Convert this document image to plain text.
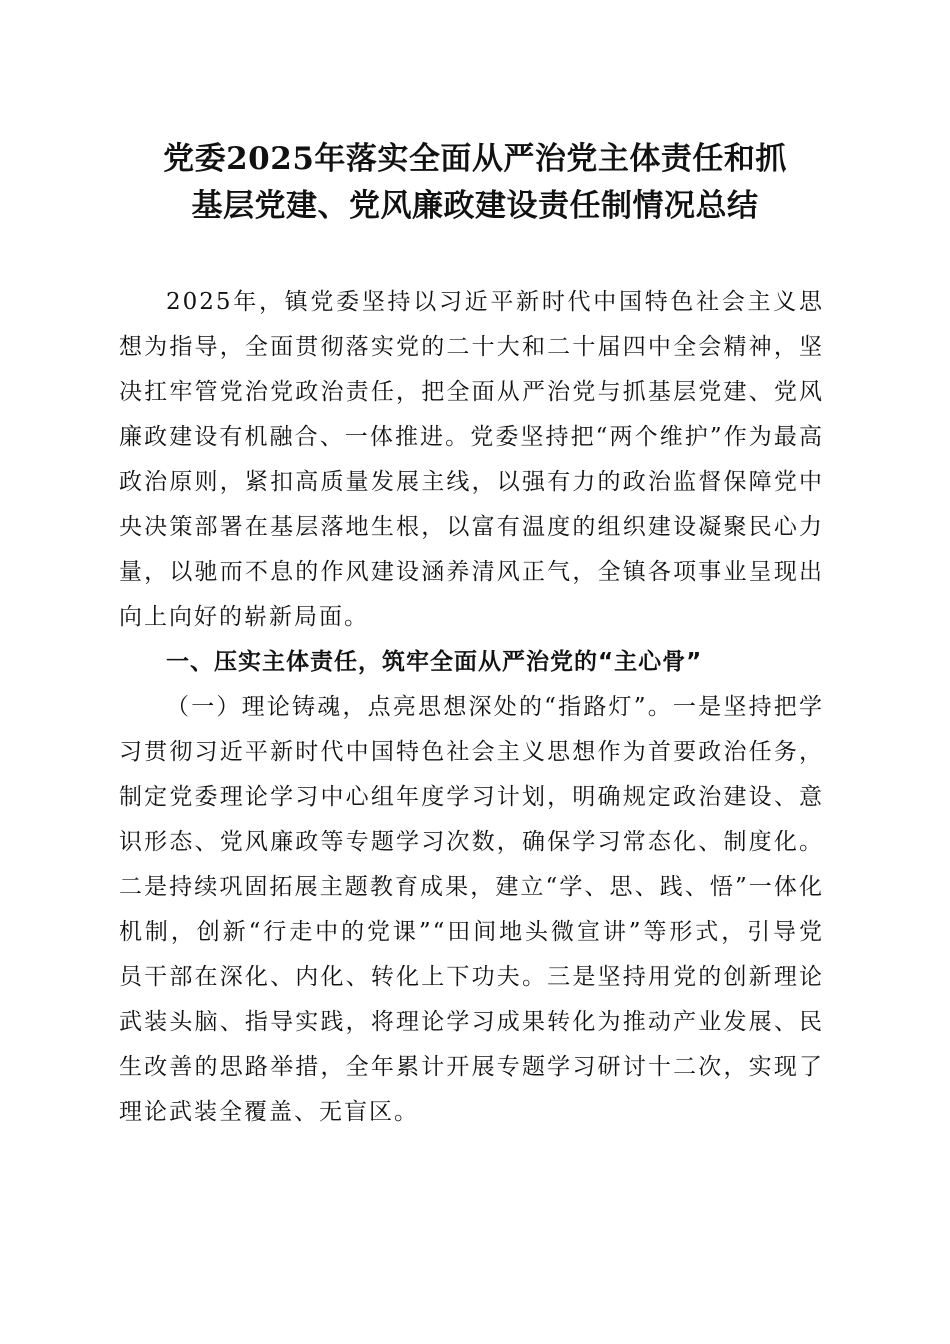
党委2025年落实全面从严治党主体责任和抓
基层党建、党风廉政建设责任制情况总结

2025年，镇党委坚持以习近平新时代中国特色社会主义思想为指导，全面贯彻落实党的二十大和二十届四中全会精神，坚决扛牢管党治党政治责任，把全面从严治党与抓基层党建、党风廉政建设有机融合、一体推进。党委坚持把“两个维护”作为最高政治原则，紧扣高质量发展主线，以强有力的政治监督保障党中央决策部署在基层落地生根，以富有温度的组织建设凝聚民心力量，以驰而不息的作风建设涵养清风正气，全镇各项事业呈现出向上向好的崭新局面。

一、压实主体责任，筑牢全面从严治党的“主心骨”

（一）理论铸魂，点亮思想深处的“指路灯”。一是坚持把学习贯彻习近平新时代中国特色社会主义思想作为首要政治任务，制定党委理论学习中心组年度学习计划，明确规定政治建设、意识形态、党风廉政等专题学习次数，确保学习常态化、制度化。二是持续巩固拓展主题教育成果，建立“学、思、践、悟”一体化机制，创新“行走中的党课”“田间地头微宣讲”等形式，引导党员干部在深化、内化、转化上下功夫。三是坚持用党的创新理论武装头脑、指导实践，将理论学习成果转化为推动产业发展、民生改善的思路举措，全年累计开展专题学习研讨十二次，实现了理论武装全覆盖、无盲区。
